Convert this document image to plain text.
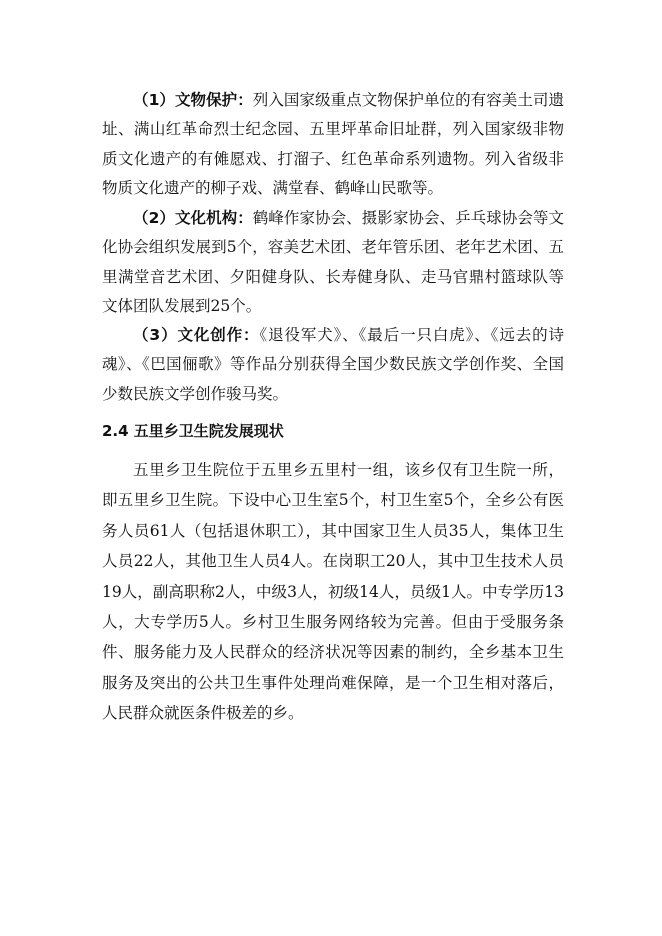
（1）文物保护：列入国家级重点文物保护单位的有容美土司遗址、满山红革命烈士纪念园、五里坪革命旧址群，列入国家级非物质文化遗产的有傩愿戏、打溜子、红色革命系列遗物。列入省级非物质文化遗产的柳子戏、满堂春、鹤峰山民歌等。

（2）文化机构：鹤峰作家协会、摄影家协会、乒乓球协会等文化协会组织发展到5个，容美艺术团、老年管乐团、老年艺术团、五里满堂音艺术团、夕阳健身队、长寿健身队、走马官鼎村篮球队等文体团队发展到25个。

（3）文化创作：《退役军犬》、《最后一只白虎》、《远去的诗魂》、《巴国俪歌》等作品分别获得全国少数民族文学创作奖、全国少数民族文学创作骏马奖。

2.4 五里乡卫生院发展现状

五里乡卫生院位于五里乡五里村一组，该乡仅有卫生院一所，即五里乡卫生院。下设中心卫生室5个，村卫生室5个，全乡公有医务人员61人（包括退休职工），其中国家卫生人员35人，集体卫生人员22人，其他卫生人员4人。在岗职工20人，其中卫生技术人员19人，副高职称2人，中级3人，初级14人，员级1人。中专学历13人，大专学历5人。乡村卫生服务网络较为完善。但由于受服务条件、服务能力及人民群众的经济状况等因素的制约，全乡基本卫生服务及突出的公共卫生事件处理尚难保障，是一个卫生相对落后，人民群众就医条件极差的乡。
